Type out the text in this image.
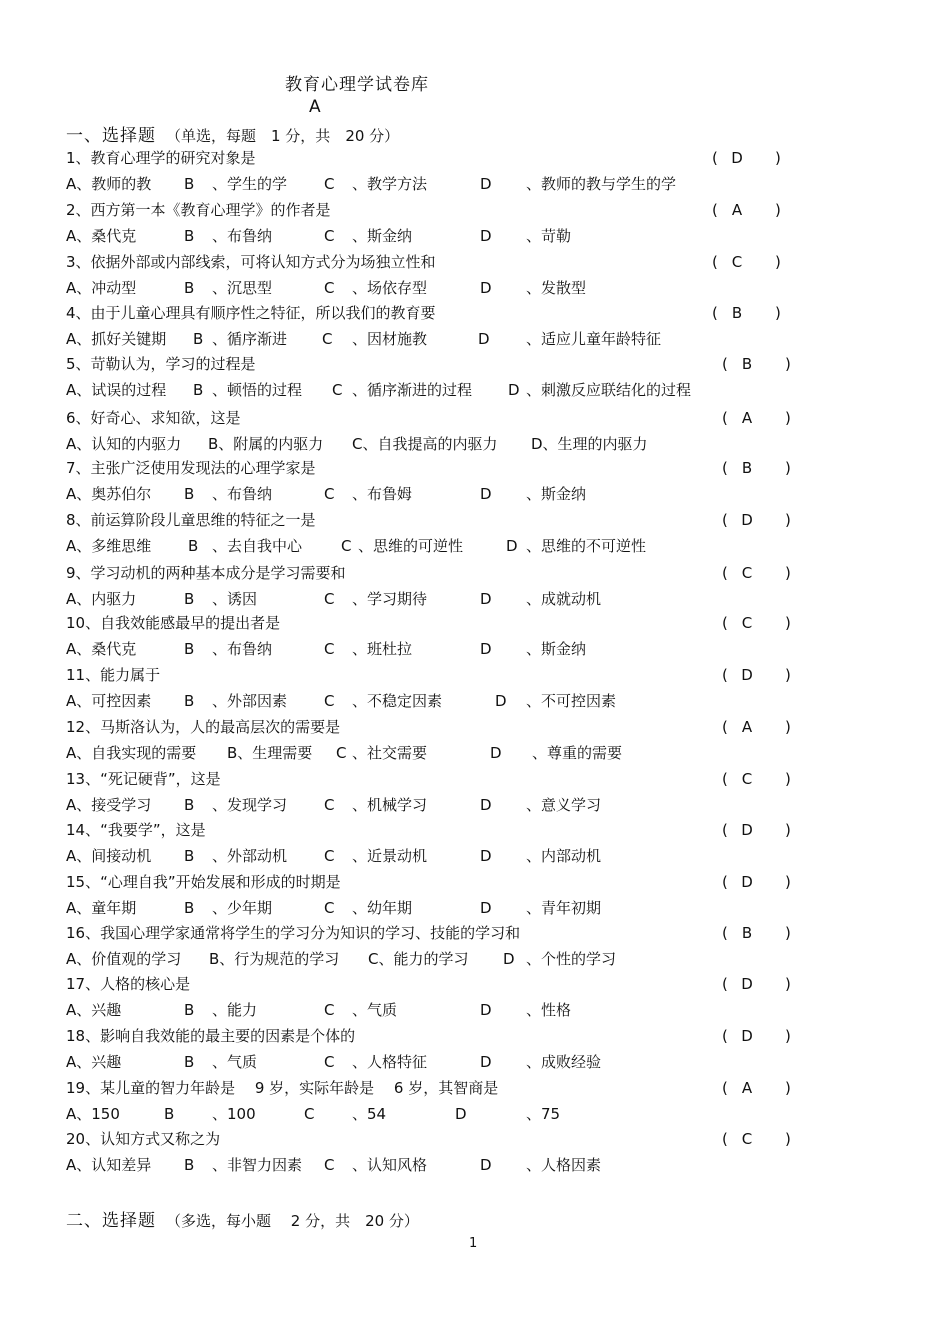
教育心理学试卷库
A
一、选择题 （单选，每题　1 分，共　20 分）
1、教育心理学的研究对象是	( D )
A、教师的教 B 、学生的学 C 、教学方法	D 、教师的教与学生的学
2、西方第一本《教育心理学》的作者是	( A )
A、桑代克	B 、布鲁纳	C 、斯金纳	D 、苛勒
3、依据外部或内部线索，可将认知方式分为场独立性和	( C )
A、冲动型	B 、沉思型	C 、场依存型	D 、发散型
4、由于儿童心理具有顺序性之特征，所以我们的教育要	( B )
A、抓好关键期 B 、循序渐进 C 、因材施教	D 、适应儿童年龄特征
5、苛勒认为，学习的过程是	( B )
A、试误的过程 B 、顿悟的过程 C 、循序渐进的过程 D 、刺激反应联结化的过程
6、好奇心、求知欲，这是	( A )
A、认知的内驱力 B、附属的内驱力 C、自我提高的内驱力 D、生理的内驱力
7、主张广泛使用发现法的心理学家是	( B )
A、奥苏伯尔 B 、布鲁纳	C 、布鲁姆	D 、斯金纳
8、前运算阶段儿童思维的特征之一是	( D )
A、多维思维 B 、去自我中心	C 、思维的可逆性	D 、思维的不可逆性
9、学习动机的两种基本成分是学习需要和	( C )
A、内驱力	B 、诱因	C 、学习期待	D 、成就动机
10、自我效能感最早的提出者是	( C )
A、桑代克	B 、布鲁纳	C 、班杜拉	D 、斯金纳
11、能力属于	( D )
A、可控因素 B 、外部因素 C 、不稳定因素	D 、不可控因素
12、马斯洛认为，人的最高层次的需要是	( A )
A、自我实现的需要 B、生理需要 C 、社交需要	D 、尊重的需要
13、“死记硬背”，这是	( C )
A、接受学习 B 、发现学习 C 、机械学习	D 、意义学习
14、“我要学”，这是	( D )
A、间接动机 B 、外部动机 C 、近景动机	D 、内部动机
15、“心理自我”开始发展和形成的时期是	( D )
A、童年期	B 、少年期	C 、幼年期	D 、青年初期
16、我国心理学家通常将学生的学习分为知识的学习、技能的学习和	( B )
A、价值观的学习 B、行为规范的学习 C、能力的学习 D 、个性的学习
17、人格的核心是	( D )
A、兴趣	B 、能力	C 、气质	D 、性格
18、影响自我效能的最主要的因素是个体的	( D )
A、兴趣	B 、气质	C 、人格特征	D 、成败经验
19、某儿童的智力年龄是　 9 岁，实际年龄是　 6 岁，其智商是	( A )
A、150	B	、100	C	、54	D	、75
20、认知方式又称之为	( C )
A、认知差异 B 、非智力因素 C 、认知风格	D 、人格因素
二、选择题 （多选，每小题　 2 分，共　20 分）
1
